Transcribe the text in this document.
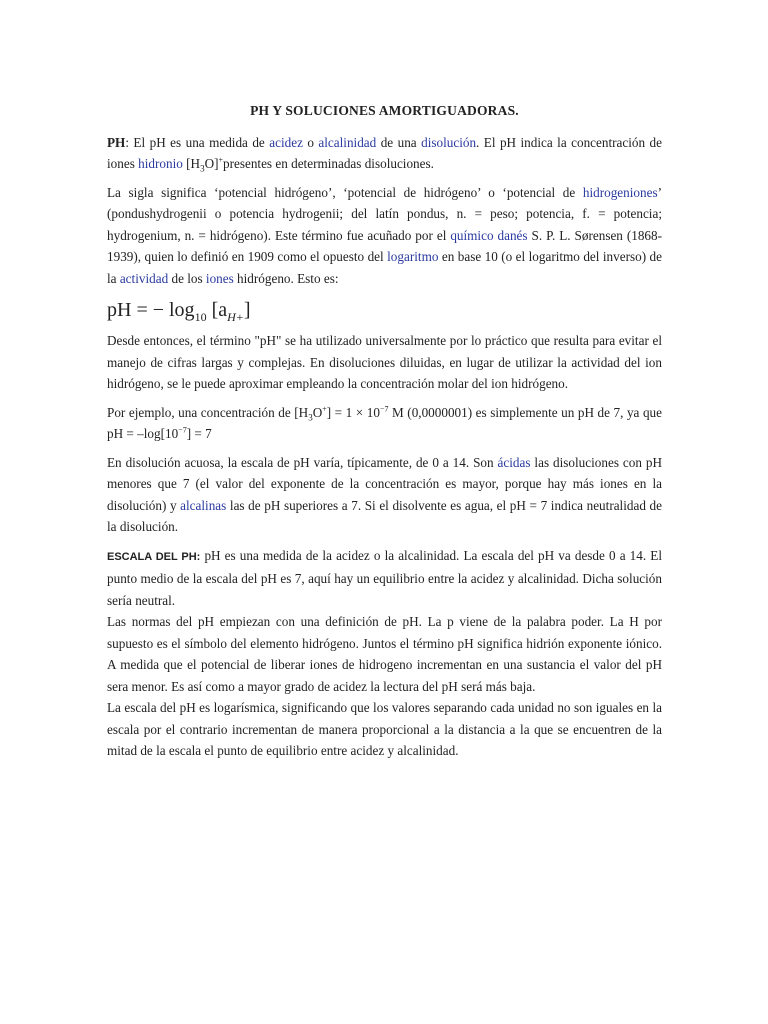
PH Y SOLUCIONES AMORTIGUADORAS.

PH: El pH es una medida de acidez o alcalinidad de una disolución. El pH indica la concentración de iones hidronio $[H_3O]^+presentes$ en determinadas disoluciones.

La sigla significa ‘potencial hidrógeno’, ‘potencial de hidrógeno’ o ‘potencial de hidrogeniones’ (pondushydrogenii o potencia hydrogenii; del latín pondus, n. = peso; potencia, f. = potencia; hydrogenium, n. = hidrógeno). Este término fue acuñado por el químico danés S. P. L. Sørensen (1868-1939), quien lo definió en 1909 como el opuesto del logaritmo en base 10 (o el logaritmo del inverso) de la actividad de los iones hidrógeno. Esto es:

pH = − $\log_{10} [a_{H+}]$

Desde entonces, el término "pH" se ha utilizado universalmente por lo práctico que resulta para evitar el manejo de cifras largas y complejas. En disoluciones diluidas, en lugar de utilizar la actividad del ion hidrógeno, se le puede aproximar empleando la concentración molar del ion hidrógeno.

Por ejemplo, una concentración de $[H_3O^+] = 1 \times 10^{-7}$ M (0,0000001) es simplemente un pH de 7, ya que pH = $-\log[10^{-7}] = 7$

En disolución acuosa, la escala de pH varía, típicamente, de 0 a 14. Son ácidas las disoluciones con pH menores que 7 (el valor del exponente de la concentración es mayor, porque hay más iones en la disolución) y alcalinas las de pH superiores a 7. Si el disolvente es agua, el pH = 7 indica neutralidad de la disolución.

ESCALA DEL PH: pH es una medida de la acidez o la alcalinidad. La escala del pH va desde 0 a 14. El punto medio de la escala del pH es 7, aquí hay un equilibrio entre la acidez y alcalinidad. Dicha solución sería neutral.

Las normas del pH empiezan con una definición de pH. La p viene de la palabra poder. La H por supuesto es el símbolo del elemento hidrógeno. Juntos el término pH significa hidrión exponente iónico. A medida que el potencial de liberar iones de hidrogeno incrementan en una sustancia el valor del pH sera menor. Es así como a mayor grado de acidez la lectura del pH será más baja.

La escala del pH es logarísmica, significando que los valores separando cada unidad no son iguales en la escala por el contrario incrementan de manera proporcional a la distancia a la que se encuentren de la mitad de la escala el punto de equilibrio entre acidez y alcalinidad.
